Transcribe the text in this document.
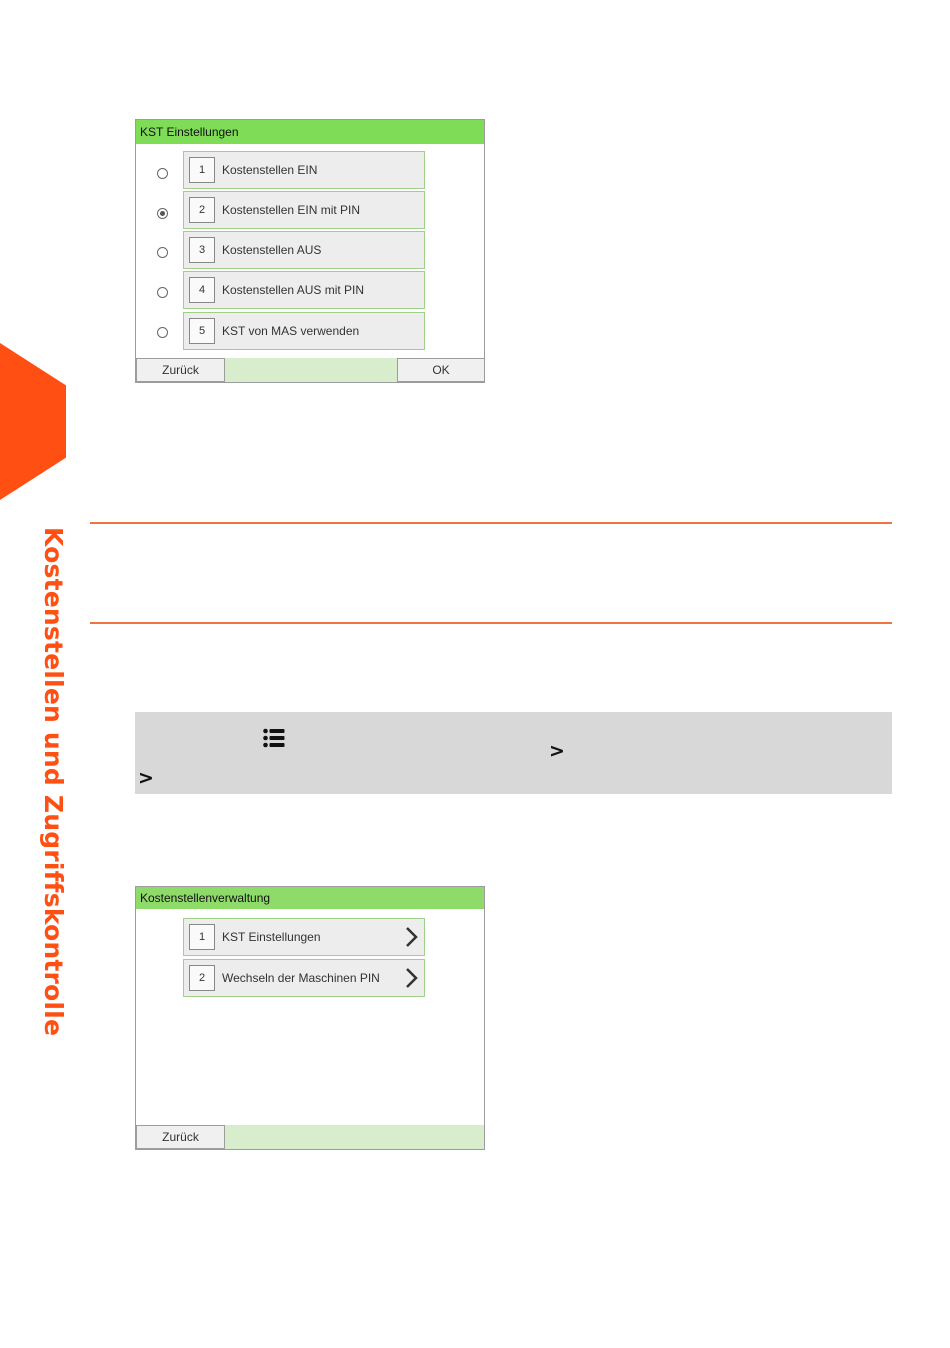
Kostenstellen und Zugriffskontrolle
KST Einstellungen
1	Kostenstellen EIN
2	Kostenstellen EIN mit PIN
3	Kostenstellen AUS
4	Kostenstellen AUS mit PIN
5	KST von MAS verwenden
Zurück	OK
>
>
Kostenstellenverwaltung
1	KST Einstellungen
2	Wechseln der Maschinen PIN
Zurück
